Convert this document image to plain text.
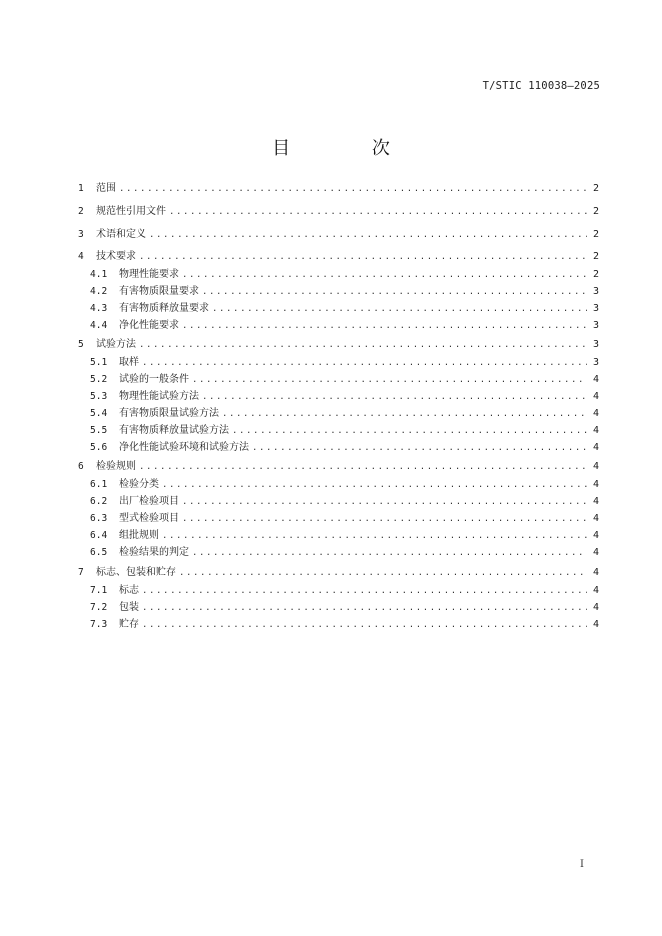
T/STIC 110038—2025
目 次
1	范围 .....	2
2	规范性引用文件 .....	2
3	术语和定义 .....	2
4	技术要求 .....	2
4.1	物理性能要求 .....	2
4.2	有害物质限量要求 .....	3
4.3	有害物质释放量要求 .....	3
4.4	净化性能要求 .....	3
5	试验方法 .....	3
5.1	取样 .....	3
5.2	试验的一般条件 .....	4
5.3	物理性能试验方法 .....	4
5.4	有害物质限量试验方法 .....	4
5.5	有害物质释放量试验方法 .....	4
5.6	净化性能试验环境和试验方法 .....	4
6	检验规则 .....	4
6.1	检验分类 .....	4
6.2	出厂检验项目 .....	4
6.3	型式检验项目 .....	4
6.4	组批规则 .....	4
6.5	检验结果的判定 .....	4
7	标志、包装和贮存 .....	4
7.1	标志 .....	4
7.2	包装 .....	4
7.3	贮存 .....	4
I
